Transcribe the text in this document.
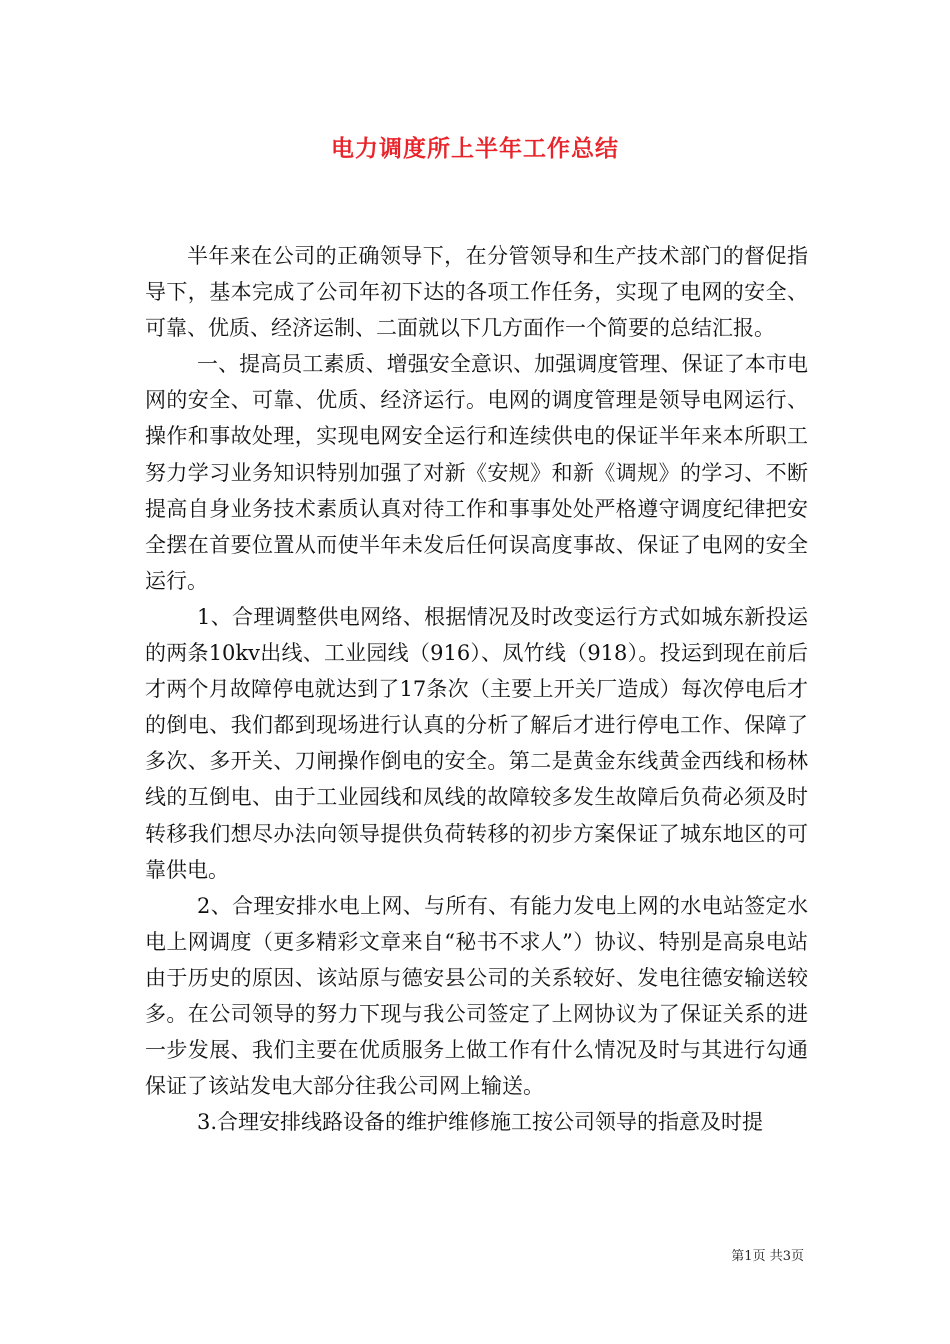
电力调度所上半年工作总结

半年来在公司的正确领导下，在分管领导和生产技术部门的督促指导下，基本完成了公司年初下达的各项工作任务，实现了电网的安全、可靠、优质、经济运制、二面就以下几方面作一个简要的总结汇报。

一、提高员工素质、增强安全意识、加强调度管理、保证了本市电网的安全、可靠、优质、经济运行。电网的调度管理是领导电网运行、操作和事故处理，实现电网安全运行和连续供电的保证半年来本所职工努力学习业务知识特别加强了对新《安规》和新《调规》的学习、不断提高自身业务技术素质认真对待工作和事事处处严格遵守调度纪律把安全摆在首要位置从而使半年未发后任何误高度事故、保证了电网的安全运行。

1、合理调整供电网络、根据情况及时改变运行方式如城东新投运的两条10kv出线、工业园线（916）、凤竹线（918）。投运到现在前后才两个月故障停电就达到了17条次（主要上开关厂造成）每次停电后才的倒电、我们都到现场进行认真的分析了解后才进行停电工作、保障了多次、多开关、刀闸操作倒电的安全。第二是黄金东线黄金西线和杨林线的互倒电、由于工业园线和凤线的故障较多发生故障后负荷必须及时转移我们想尽办法向领导提供负荷转移的初步方案保证了城东地区的可靠供电。

2、合理安排水电上网、与所有、有能力发电上网的水电站签定水电上网调度（更多精彩文章来自“秘书不求人”）协议、特别是高泉电站由于历史的原因、该站原与德安县公司的关系较好、发电往德安输送较多。在公司领导的努力下现与我公司签定了上网协议为了保证关系的进一步发展、我们主要在优质服务上做工作有什么情况及时与其进行勾通保证了该站发电大部分往我公司网上输送。

3.合理安排线路设备的维护维修施工按公司领导的指意及时提

第1页 共3页
